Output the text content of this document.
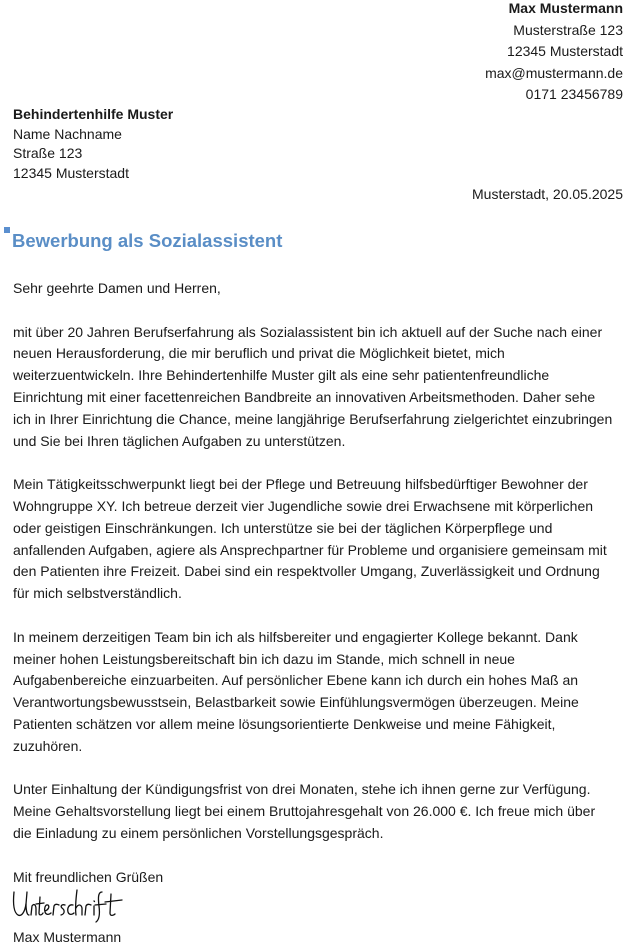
Max Mustermann
Musterstraße 123
12345 Musterstadt
max@mustermann.de
0171 23456789
Behindertenhilfe Muster
Name Nachname
Straße 123
12345 Musterstadt
Musterstadt, 20.05.2025
Bewerbung als Sozialassistent

Sehr geehrte Damen und Herren,

mit über 20 Jahren Berufserfahrung als Sozialassistent bin ich aktuell auf der Suche nach einer neuen Herausforderung, die mir beruflich und privat die Möglichkeit bietet, mich weiterzuentwickeln. Ihre Behindertenhilfe Muster gilt als eine sehr patientenfreundliche Einrichtung mit einer facettenreichen Bandbreite an innovativen Arbeitsmethoden. Daher sehe ich in Ihrer Einrichtung die Chance, meine langjährige Berufserfahrung zielgerichtet einzubringen und Sie bei Ihren täglichen Aufgaben zu unterstützen.

Mein Tätigkeitsschwerpunkt liegt bei der Pflege und Betreuung hilfsbedürftiger Bewohner der Wohngruppe XY. Ich betreue derzeit vier Jugendliche sowie drei Erwachsene mit körperlichen oder geistigen Einschränkungen. Ich unterstütze sie bei der täglichen Körperpflege und anfallenden Aufgaben, agiere als Ansprechpartner für Probleme und organisiere gemeinsam mit den Patienten ihre Freizeit. Dabei sind ein respektvoller Umgang, Zuverlässigkeit und Ordnung für mich selbstverständlich.

In meinem derzeitigen Team bin ich als hilfsbereiter und engagierter Kollege bekannt. Dank meiner hohen Leistungsbereitschaft bin ich dazu im Stande, mich schnell in neue Aufgabenbereiche einzuarbeiten. Auf persönlicher Ebene kann ich durch ein hohes Maß an Verantwortungsbewusstsein, Belastbarkeit sowie Einfühlungsvermögen überzeugen. Meine Patienten schätzen vor allem meine lösungsorientierte Denkweise und meine Fähigkeit, zuzuhören.

Unter Einhaltung der Kündigungsfrist von drei Monaten, stehe ich ihnen gerne zur Verfügung. Meine Gehaltsvorstellung liegt bei einem Bruttojahresgehalt von 26.000 €. Ich freue mich über die Einladung zu einem persönlichen Vorstellungsgespräch.

Mit freundlichen Grüßen

Max Mustermann
